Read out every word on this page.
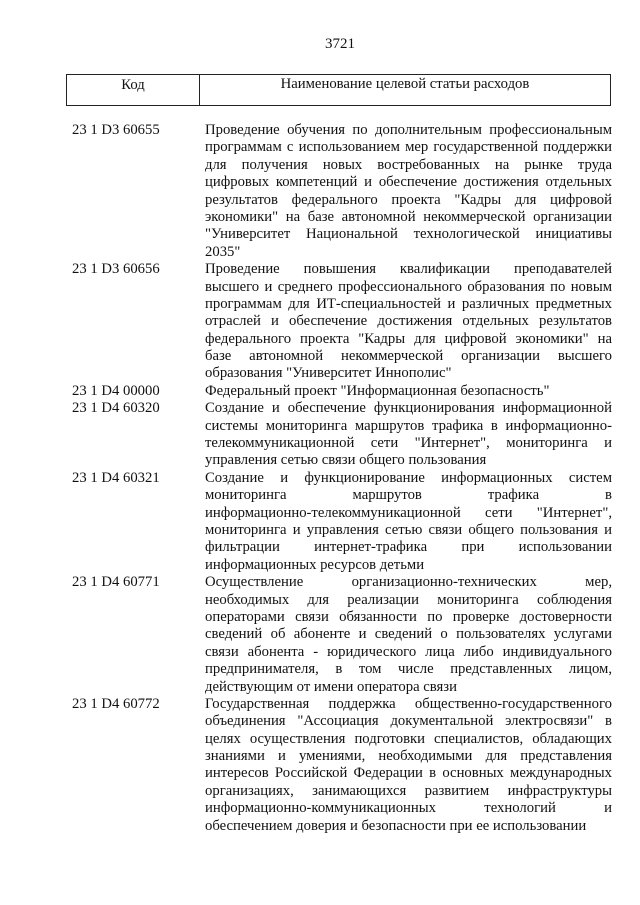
3721
Код	Наименование целевой статьи расходов
23 1 D3 60655	Проведение обучения по дополнительным профессиональным
программам с использованием мер государственной поддержки
для получения новых востребованных на рынке труда
цифровых компетенций и обеспечение достижения отдельных
результатов федерального проекта "Кадры для цифровой
экономики" на базе автономной некоммерческой организации
"Университет Национальной технологической инициативы
2035"
23 1 D3 60656	Проведение повышения квалификации преподавателей
высшего и среднего профессионального образования по новым
программам для ИТ-специальностей и различных предметных
отраслей и обеспечение достижения отдельных результатов
федерального проекта "Кадры для цифровой экономики" на
базе автономной некоммерческой организации высшего
образования "Университет Иннополис"
23 1 D4 00000	Федеральный проект "Информационная безопасность"
23 1 D4 60320	Создание и обеспечение функционирования информационной
системы мониторинга маршрутов трафика в информационно-
телекоммуникационной сети "Интернет", мониторинга и
управления сетью связи общего пользования
23 1 D4 60321	Создание и функционирование информационных систем
мониторинга маршрутов трафика в
информационно-телекоммуникационной сети "Интернет",
мониторинга и управления сетью связи общего пользования и
фильтрации интернет-трафика при использовании
информационных ресурсов детьми
23 1 D4 60771	Осуществление организационно-технических мер,
необходимых для реализации мониторинга соблюдения
операторами связи обязанности по проверке достоверности
сведений об абоненте и сведений о пользователях услугами
связи абонента - юридического лица либо индивидуального
предпринимателя, в том числе представленных лицом,
действующим от имени оператора связи
23 1 D4 60772	Государственная поддержка общественно-государственного
объединения "Ассоциация документальной электросвязи" в
целях осуществления подготовки специалистов, обладающих
знаниями и умениями, необходимыми для представления
интересов Российской Федерации в основных международных
организациях, занимающихся развитием инфраструктуры
информационно-коммуникационных технологий и
обеспечением доверия и безопасности при ее использовании
